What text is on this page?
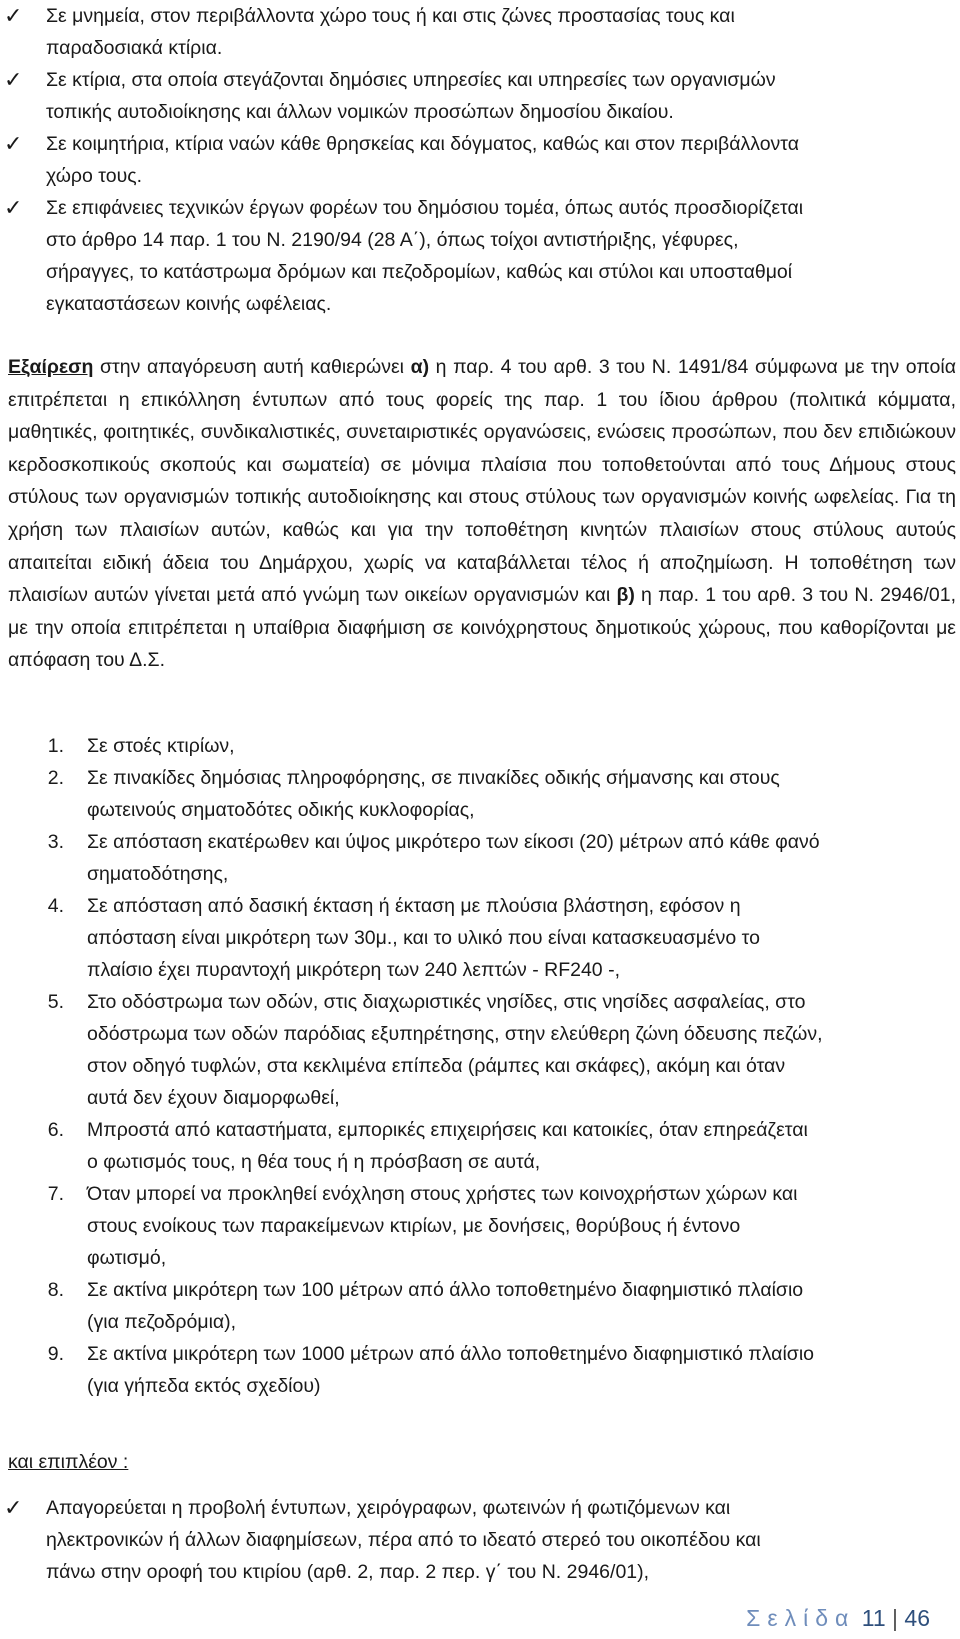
✓	Σε μνημεία, στον περιβάλλοντα χώρο τους ή και στις ζώνες προστασίας τους και

παραδοσιακά κτίρια.

✓	Σε κτίρια, στα οποία στεγάζονται δημόσιες υπηρεσίες και υπηρεσίες των οργανισμών

τοπικής αυτοδιοίκησης και άλλων νομικών προσώπων δημοσίου δικαίου.

✓	Σε κοιμητήρια, κτίρια ναών κάθε θρησκείας και δόγματος, καθώς και στον περιβάλλοντα

χώρο τους.

✓	Σε επιφάνειες τεχνικών έργων φορέων του δημόσιου τομέα, όπως αυτός προσδιορίζεται

στο άρθρο 14 παρ. 1 του Ν. 2190/94 (28 Α΄), όπως τοίχοι αντιστήριξης, γέφυρες,

σήραγγες, το κατάστρωμα δρόμων και πεζοδρομίων, καθώς και στύλοι και υποσταθμοί

εγκαταστάσεων κοινής ωφέλειας.

Εξαίρεση στην απαγόρευση αυτή καθιερώνει α) η παρ. 4 του αρθ. 3 του Ν. 1491/84 σύμφωνα με την οποία επιτρέπεται η επικόλληση έντυπων από τους φορείς της παρ. 1 του ίδιου άρθρου (πολιτικά κόμματα, μαθητικές, φοιτητικές, συνδικαλιστικές, συνεταιριστικές οργανώσεις, ενώσεις προσώπων, που δεν επιδιώκουν κερδοσκοπικούς σκοπούς και σωματεία) σε μόνιμα πλαίσια που τοποθετούνται από τους Δήμους στους στύλους των οργανισμών τοπικής αυτοδιοίκησης και στους στύλους των οργανισμών κοινής ωφελείας. Για τη χρήση των πλαισίων αυτών, καθώς και για την τοποθέτηση κινητών πλαισίων στους στύλους αυτούς απαιτείται ειδική άδεια του Δημάρχου, χωρίς να καταβάλλεται τέλος ή αποζημίωση. Η τοποθέτηση των πλαισίων αυτών γίνεται μετά από γνώμη των οικείων οργανισμών και β) η παρ. 1 του αρθ. 3 του Ν. 2946/01, με την οποία επιτρέπεται η υπαίθρια διαφήμιση σε κοινόχρηστους δημοτικούς χώρους, που καθορίζονται με απόφαση του Δ.Σ.
1.	Σε στοές κτιρίων,
2.	Σε πινακίδες δημόσιας πληροφόρησης, σε πινακίδες οδικής σήμανσης και στους
φωτεινούς σηματοδότες οδικής κυκλοφορίας,
3.	Σε απόσταση εκατέρωθεν και ύψος μικρότερο των είκοσι (20) μέτρων από κάθε φανό
σηματοδότησης,
4.	Σε απόσταση από δασική έκταση ή έκταση με πλούσια βλάστηση, εφόσον η
απόσταση είναι μικρότερη των 30μ., και το υλικό που είναι κατασκευασμένο το
πλαίσιο έχει πυραντοχή μικρότερη των 240 λεπτών - RF240 -,
5.	Στο οδόστρωμα των οδών, στις διαχωριστικές νησίδες, στις νησίδες ασφαλείας, στο
οδόστρωμα των οδών παρόδιας εξυπηρέτησης, στην ελεύθερη ζώνη όδευσης πεζών,
στον οδηγό τυφλών, στα κεκλιμένα επίπεδα (ράμπες και σκάφες), ακόμη και όταν
αυτά δεν έχουν διαμορφωθεί,
6.	Μπροστά από καταστήματα, εμπορικές επιχειρήσεις και κατοικίες, όταν επηρεάζεται
ο φωτισμός τους, η θέα τους ή η πρόσβαση σε αυτά,
7.	Όταν μπορεί να προκληθεί ενόχληση στους χρήστες των κοινοχρήστων χώρων και
στους ενοίκους των παρακείμενων κτιρίων, με δονήσεις, θορύβους ή έντονο
φωτισμό,
8.	Σε ακτίνα μικρότερη των 100 μέτρων από άλλο τοποθετημένο διαφημιστικό πλαίσιο
(για πεζοδρόμια),
9.	Σε ακτίνα μικρότερη των 1000 μέτρων από άλλο τοποθετημένο διαφημιστικό πλαίσιο
(για γήπεδα εκτός σχεδίου)
και επιπλέον :
✓	Απαγορεύεται η προβολή έντυπων, χειρόγραφων, φωτεινών ή φωτιζόμενων και

ηλεκτρονικών ή άλλων διαφημίσεων, πέρα από το ιδεατό στερεό του οικοπέδου και

πάνω στην οροφή του κτιρίου (αρθ. 2, παρ. 2 περ. γ΄ του Ν. 2946/01),

Σελίδα 11 | 46
